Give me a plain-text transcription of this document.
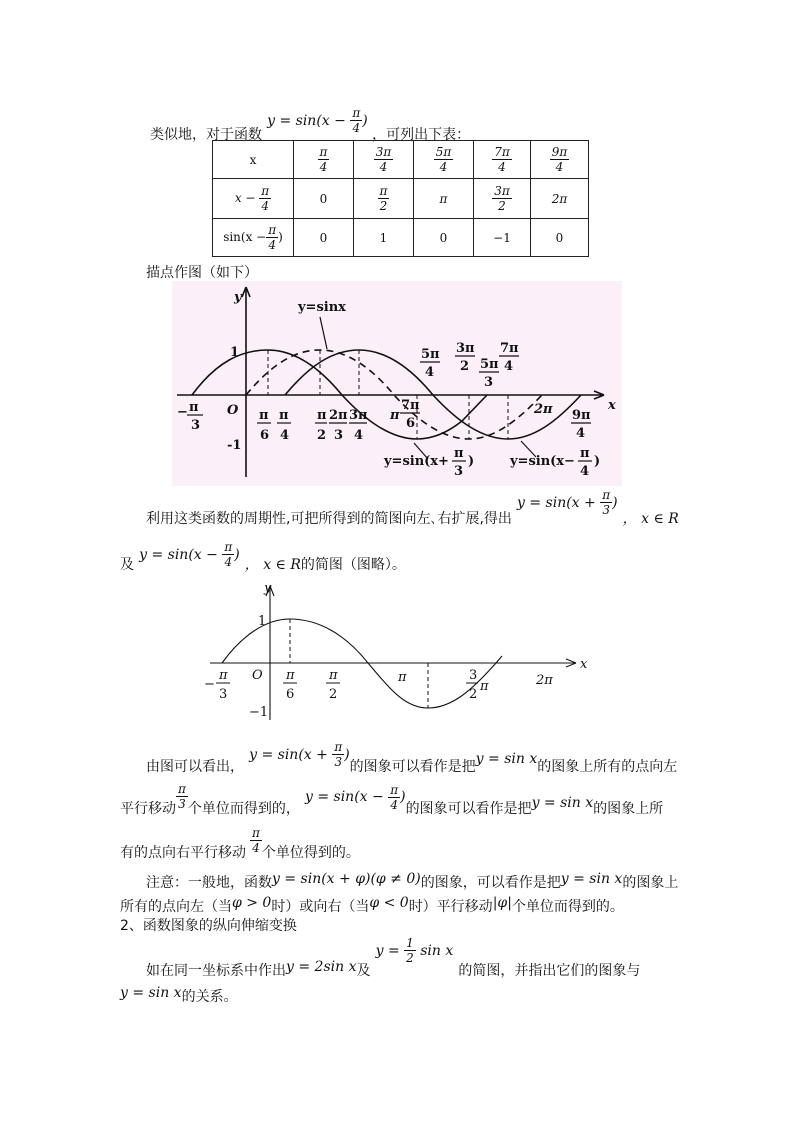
类似地，对于函数 $y = \sin(x - \frac{\pi}{4}$ ) ，可列出下表：
x	$\frac{\pi}{4}$	$\frac{3\pi}{4}$	$\frac{5\pi}{4}$	$\frac{7\pi}{4}$	$\frac{9\pi}{4}$

$x - \frac{\pi}{4}$	0	$\frac{\pi}{2}$	π	$\frac{3\pi}{2}$	2π
$\sin(x - \frac{\pi}{4}$ )	0	1	0	−1	0
描点作图（如下）
y
x
O
1
-1
y=sinx
− π
3
π
6
π
4
π
2
2π
3
3π
4
π
7π
6
5π
4
3π
2 5π
3
7π
4
2π 9π
4
y=sin(x+
π
3
)	y=sin(x−
π
4
)
利用这类函数的周期性,可把所得到的简图向左､右扩展,得出 $y = \sin(x + \frac{\pi}{3}$ ) ， x ∈ R
及 $y = \sin(x - \frac{\pi}{4}$ ) ， x ∈ R的简图（图略）。
y
x
O
1
−1
−
π
3
π
6
π
2
π	3
2
π	2π
由图可以看出， $y = \sin(x + \frac{\pi}{3}$ )的图象可以看作是把y = sin x的图象上所有的点向左
平行移动 $\frac{\pi}{3}$ 个单位而得到的， $y = \sin(x - \frac{\pi}{4}$ )的图象可以看作是把y = sin x的图象上所
有的点向右平行移动 $\frac{\pi}{4}$ 个单位得到的。
注意：一般地，函数y = sin(x + φ)(φ ≠ 0)的图象，可以看作是把y = sin x的图象上
所有的点向左（当φ > 0时）或向右（当φ < 0时）平行移动|φ|个单位而得到的。
2、函数图象的纵向伸缩变换
如在同一坐标系中作出y = 2sin x及 $y = \frac{1}{2}$ sin x 的简图，并指出它们的图象与
y = sin x的关系。
